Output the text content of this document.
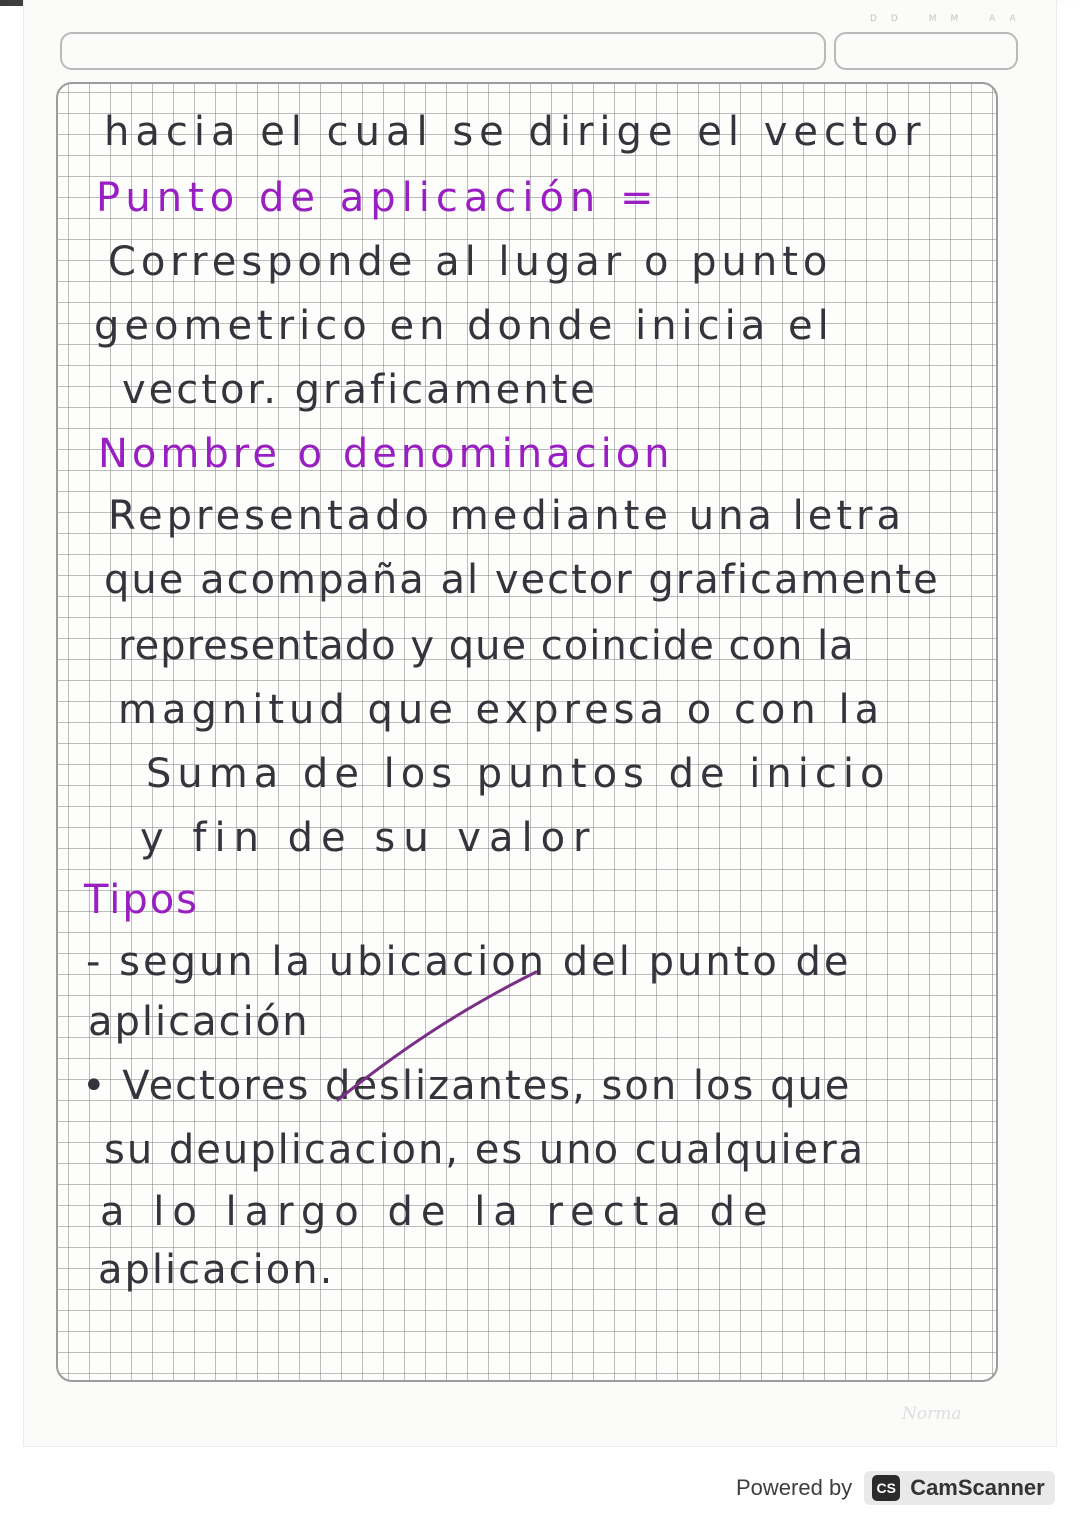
DD MM AA

hacia el cual se dirige el vector

Punto de aplicación =

Corresponde al lugar o punto

geometrico en donde inicia el

vector. graficamente

Nombre o denominacion

Representado mediante una letra

que acompaña al vector graficamente

representado y que coincide con la

magnitud que expresa o con la

Suma de los puntos de inicio

y fin de su valor

Tipos

- segun la ubicacion del punto de

aplicación

• Vectores deslizantes, son los que

su deuplicacion, es uno cualquiera

a lo largo de la recta de

aplicacion.

Norma
Powered by	CS CamScanner
